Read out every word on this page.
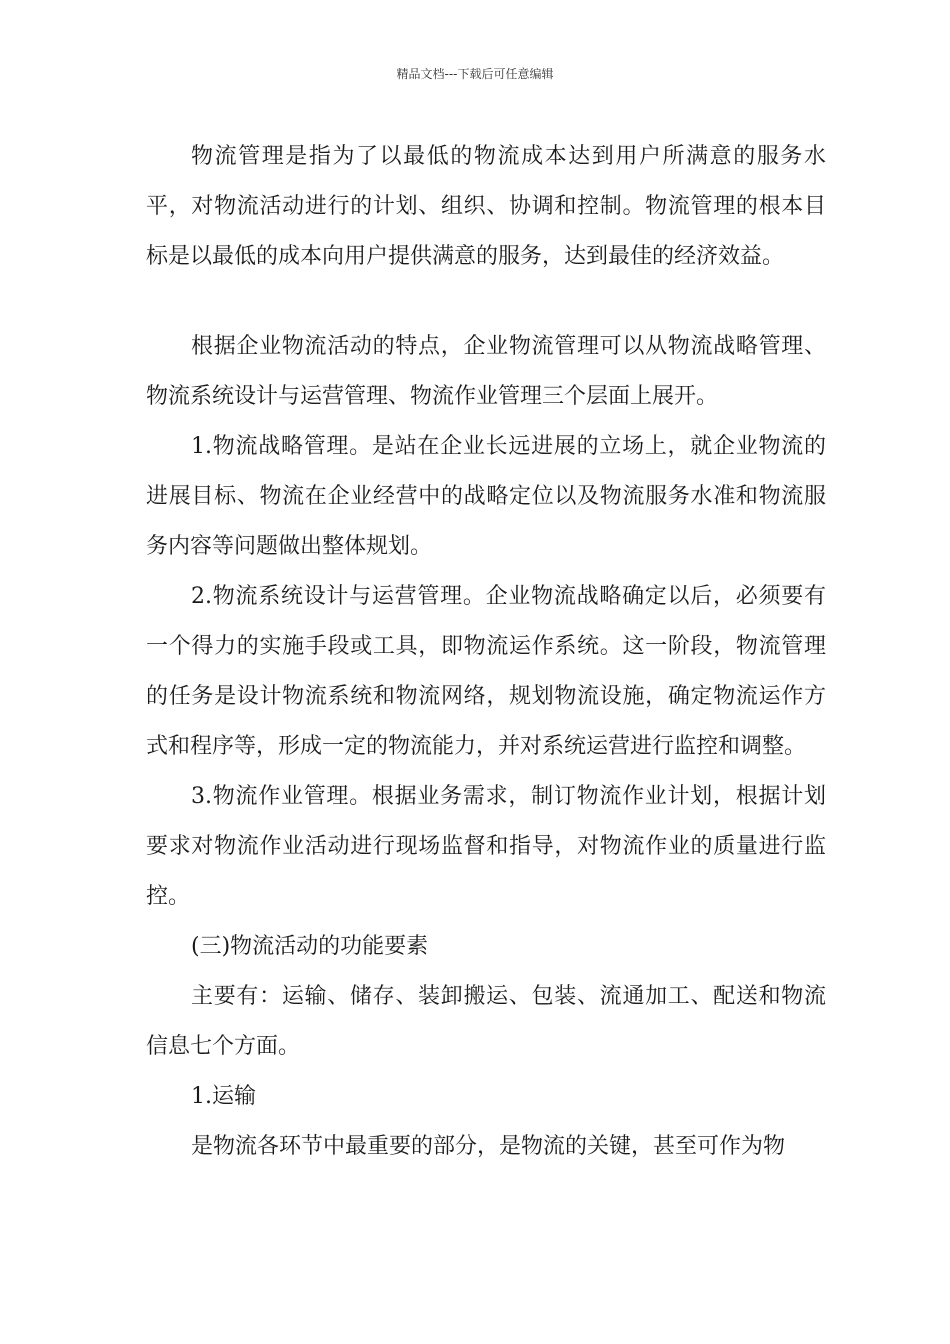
精品文档---下载后可任意编辑

物流管理是指为了以最低的物流成本达到用户所满意的服务水平，对物流活动进行的计划、组织、协调和控制。物流管理的根本目标是以最低的成本向用户提供满意的服务，达到最佳的经济效益。

根据企业物流活动的特点，企业物流管理可以从物流战略管理、物流系统设计与运营管理、物流作业管理三个层面上展开。

1.物流战略管理。是站在企业长远进展的立场上，就企业物流的进展目标、物流在企业经营中的战略定位以及物流服务水准和物流服务内容等问题做出整体规划。

2.物流系统设计与运营管理。企业物流战略确定以后，必须要有一个得力的实施手段或工具，即物流运作系统。这一阶段，物流管理的任务是设计物流系统和物流网络，规划物流设施，确定物流运作方式和程序等，形成一定的物流能力，并对系统运营进行监控和调整。

3.物流作业管理。根据业务需求，制订物流作业计划，根据计划要求对物流作业活动进行现场监督和指导，对物流作业的质量进行监控。

(三)物流活动的功能要素

主要有：运输、储存、装卸搬运、包装、流通加工、配送和物流信息七个方面。

1.运输

是物流各环节中最重要的部分，是物流的关键，甚至可作为物
